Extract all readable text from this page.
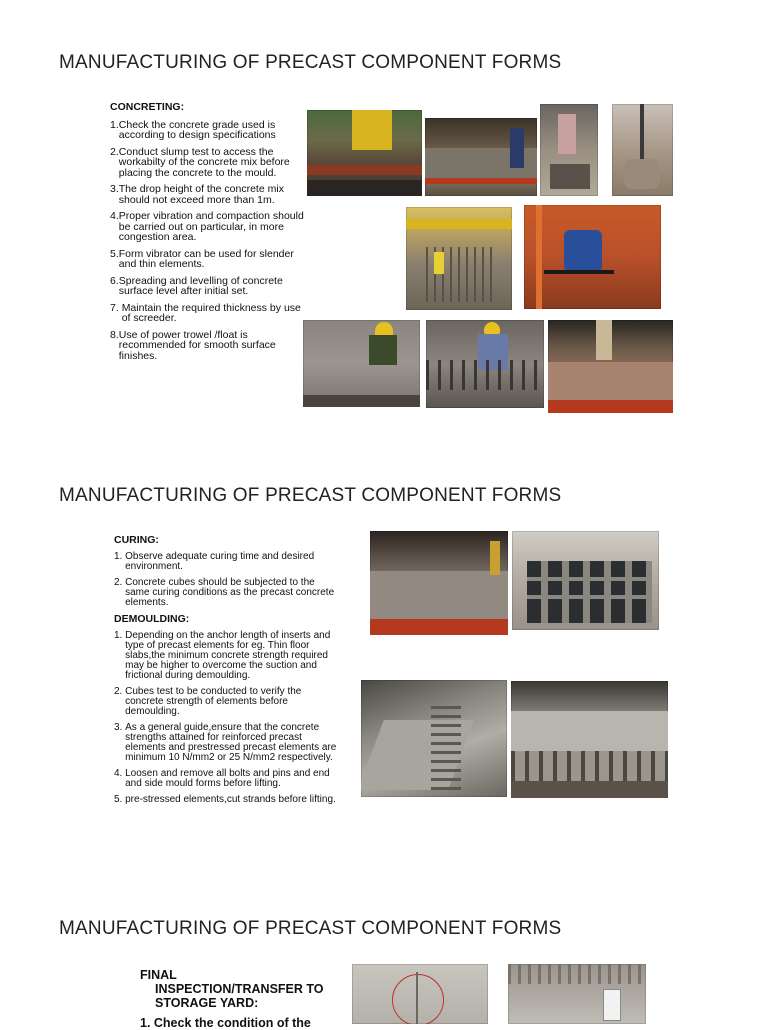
MANUFACTURING OF PRECAST COMPONENT FORMS
CONCRETING:
1. Check the concrete grade used is according to design specifications
2. Conduct slump test to access the workabilty of the concrete mix before placing the concrete to the mould.
3. The drop height of the concrete mix should not exceed more than 1m.
4. Proper vibration and compaction should be carried out on particular, in more congestion area.
5. Form vibrator can be used for slender and thin elements.
6. Spreading and levelling of concrete surface level after initial set.
7. Maintain the required thickness by use of screeder.
8. Use of power trowel /float is recommended for smooth surface finishes.
MANUFACTURING OF PRECAST COMPONENT FORMS
CURING:
1. Observe adequate curing time and desired environment.
2. Concrete cubes should be subjected to the same curing conditions as the precast concrete elements.
DEMOULDING:
1. Depending on the anchor length of inserts and type of precast elements for eg. Thin floor slabs,the minimum concrete strength required may be higher to overcome the suction and frictional during demoulding.
2. Cubes test to be conducted to verify the concrete strength of elements before demoulding.
3. As a general guide,ensure that the concrete strengths attained for reinforced precast elements and prestressed precast elements are minimum 10 N/mm2 or 25 N/mm2 respectively.
4. Loosen and remove all bolts and pins and end and side mould forms before lifting.
5. pre-stressed elements,cut strands before lifting.
MANUFACTURING OF PRECAST COMPONENT FORMS
FINAL
INSPECTION/TRANSFER TO STORAGE YARD:
1. Check the condition of the
